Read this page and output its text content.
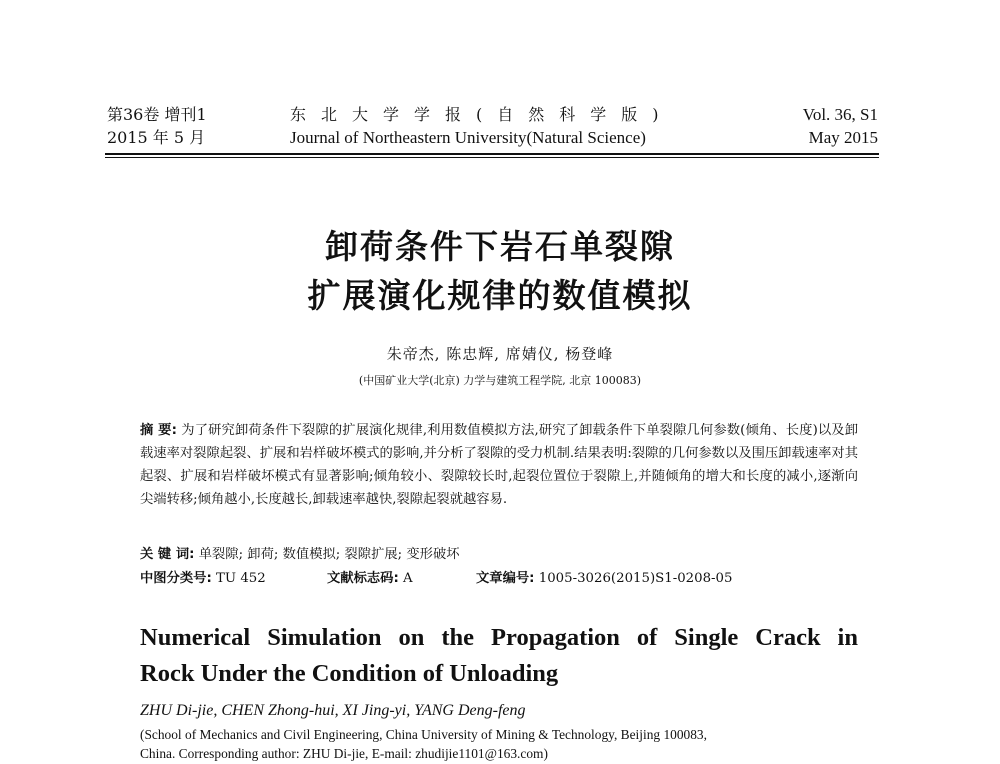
第36卷 增刊1
2015 年 5 月
东北大学学报(自然科学版)
Journal of Northeastern University(Natural Science)
Vol. 36, S1
May 2015
卸荷条件下岩石单裂隙
扩展演化规律的数值模拟
朱帝杰, 陈忠辉, 席婧仪, 杨登峰
(中国矿业大学(北京) 力学与建筑工程学院, 北京 100083)
摘 要: 为了研究卸荷条件下裂隙的扩展演化规律,利用数值模拟方法,研究了卸载条件下单裂隙几何参数(倾角、长度)以及卸载速率对裂隙起裂、扩展和岩样破坏模式的影响,并分析了裂隙的受力机制.结果表明:裂隙的几何参数以及围压卸载速率对其起裂、扩展和岩样破坏模式有显著影响;倾角较小、裂隙较长时,起裂位置位于裂隙上,并随倾角的增大和长度的减小,逐渐向尖端转移;倾角越小,长度越长,卸载速率越快,裂隙起裂就越容易.
关 键 词: 单裂隙; 卸荷; 数值模拟; 裂隙扩展; 变形破坏
中图分类号: TU 452	文献标志码: A	文章编号: 1005-3026(2015)S1-0208-05
Numerical Simulation on the Propagation of Single Crack in
Rock Under the Condition of Unloading
ZHU Di-jie, CHEN Zhong-hui, XI Jing-yi, YANG Deng-feng
(School of Mechanics and Civil Engineering, China University of Mining & Technology, Beijing 100083,
China. Corresponding author: ZHU Di-jie, E-mail: zhudijie1101@163.com)
